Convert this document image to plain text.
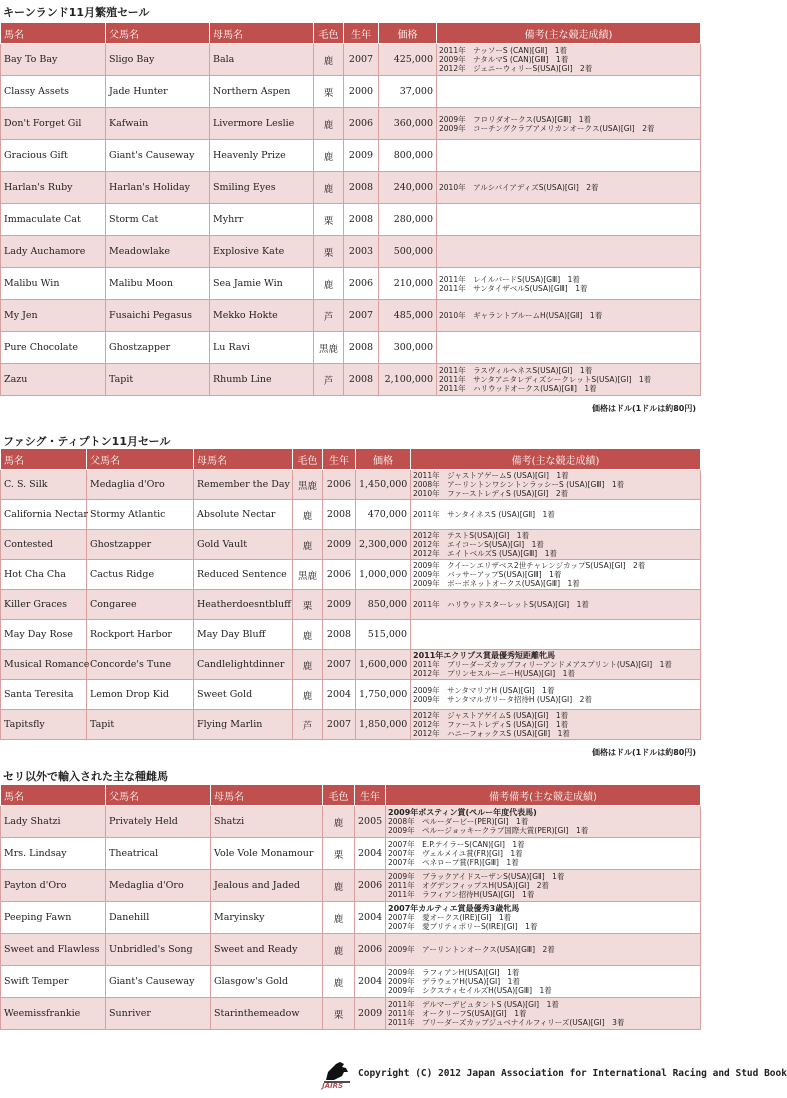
キーンランド11月繁殖セール
馬名	父馬名	母馬名	毛色	生年	価格	備考(主な競走成績)
Bay To Bay	Sligo Bay	Bala	鹿	2007	425,000	2011年　ナッソーS (CAN)[GⅡ]　1着
2009年　ナタルマS (CAN)[GⅢ]　1着
2012年　ジェニーウィリーS(USA)[GⅠ]　2着

Classy Assets	Jade Hunter	Northern Aspen	栗	2000	37,000	
Don't Forget Gil	Kafwain	Livermore Leslie	鹿	2006	360,000	2009年　フロリダオークス(USA)[GⅢ]　1着
2009年　コーチングクラブアメリカンオークス(USA)[GⅠ]　2着

Gracious Gift	Giant's Causeway	Heavenly Prize	鹿	2009	800,000	
Harlan's Ruby	Harlan's Holiday	Smiling Eyes	鹿	2008	240,000	2010年　アルシバイアディズS(USA)[GⅠ]　2着

Immaculate Cat	Storm Cat	Myhrr	栗	2008	280,000	
Lady Auchamore	Meadowlake	Explosive Kate	栗	2003	500,000	
Malibu Win	Malibu Moon	Sea Jamie Win	鹿	2006	210,000	2011年　レイルバードS(USA)[GⅢ]　1着
2011年　サンタイザベルS(USA)[GⅢ]　1着

My Jen	Fusaichi Pegasus	Mekko Hokte	芦	2007	485,000	2010年　ギャラントブルームH(USA)[GⅡ]　1着

Pure Chocolate	Ghostzapper	Lu Ravi	黒鹿	2008	300,000	
Zazu	Tapit	Rhumb Line	芦	2008	2,100,000	2011年　ラスヴィルヘネスS(USA)[GⅠ]　1着
2011年　サンタアニタレディズシークレットS(USA)[GⅠ]　1着
2011年　ハリウッドオークス(USA)[GⅡ]　1着
価格はドル(1ドルは約80円)
ファシグ・ティプトン11月セール
馬名	父馬名	母馬名	毛色	生年	価格	備考(主な競走成績)
C. S. Silk	Medaglia d'Oro	Remember the Day	黒鹿	2006	1,450,000	2011年　ジャストアゲームS (USA)[GⅠ]　1着
2008年　アーリントンワシントンラッシーS (USA)[GⅢ]　1着
2010年　ファーストレディS (USA)[GⅠ]　2着

California Nectar	Stormy Atlantic	Absolute Nectar	鹿	2008	470,000	2011年　サンタイネスS (USA)[GⅡ]　1着

Contested	Ghostzapper	Gold Vault	鹿	2009	2,300,000	2012年　テストS(USA)[GⅠ]　1着
2012年　エイコーンS(USA)[GⅠ]　1着
2012年　エイトベルズS (USA)[GⅢ]　1着

Hot Cha Cha	Cactus Ridge	Reduced Sentence	黒鹿	2006	1,000,000	2009年　クイーンエリザベス2世チャレンジカップS(USA)[GⅠ]　2着
2009年　バッサーアップS(USA)[GⅢ]　1着
2009年　ボーボネットオークス(USA)[GⅢ]　1着

Killer Graces	Congaree	Heatherdoesntbluff	栗	2009	850,000	2011年　ハリウッドスターレットS(USA)[GⅠ]　1着

May Day Rose	Rockport Harbor	May Day Bluff	鹿	2008	515,000	
Musical Romance	Concorde's Tune	Candlelightdinner	鹿	2007	1,600,000	2011年エクリプス賞最優秀短距離牝馬
2011年　ブリーダーズカップフィリーアンドメアスプリント(USA)[GⅠ]　1着
2012年　プリンセスルーニーH(USA)[GⅠ]　1着

Santa Teresita	Lemon Drop Kid	Sweet Gold	鹿	2004	1,750,000	2009年　サンタマリアH (USA)[GⅠ]　1着
2009年　サンタマルガリータ招待H (USA)[GⅠ]　2着

Tapitsfly	Tapit	Flying Marlin	芦	2007	1,850,000	2012年　ジャストアゲイムS (USA)[GⅠ]　1着
2012年　ファーストレディS (USA)[GⅠ]　1着
2012年　ハニーフォックスS (USA)[GⅡ]　1着
価格はドル(1ドルは約80円)
セリ以外で輸入された主な種雌馬
馬名	父馬名	母馬名	毛色	生年	備考備考(主な競走成績)
Lady Shatzi	Privately Held	Shatzi	鹿	2005	2009年ボスティン賞(ペルー年度代表馬)
2008年　ペルーダービー(PER)[GⅠ]　1着
2009年　ペルージョッキークラブ国際大賞(PER)[GⅠ]　1着

Mrs. Lindsay	Theatrical	Vole Vole Monamour	栗	2004	2007年　E.P.テイラーS(CAN)[GⅠ]　1着
2007年　ヴェルメイユ賞(FR)[GⅠ]　1着
2007年　ペネロープ賞(FR)[GⅢ]　1着

Payton d'Oro	Medaglia d'Oro	Jealous and Jaded	鹿	2006	2009年　ブラックアイドスーザンS(USA)[GⅡ]　1着
2011年　オグデンフィップスH(USA)[GⅠ]　2着
2011年　ラフィアン招待H(USA)[GⅠ]　1着

Peeping Fawn	Danehill	Maryinsky	鹿	2004	2007年カルティエ賞最優秀3歳牝馬
2007年　愛オークス(IRE)[GⅠ]　1着
2007年　愛プリティポリーS(IRE)[GⅠ]　1着

Sweet and Flawless	Unbridled's Song	Sweet and Ready	鹿	2006	2009年　アーリントンオークス(USA)[GⅢ]　2着

Swift Temper	Giant's Causeway	Glasgow's Gold	鹿	2004	2009年　ラフィアンH(USA)[GⅠ]　1着
2009年　デラウェアH(USA)[GⅠ]　1着
2009年　シクスティセイルズH(USA)[GⅢ]　1着

Weemissfrankie	Sunriver	Starinthemeadow	栗	2009	2011年　デルマーデビュタントS (USA)[GⅠ]　1着
2011年　オークリーフS(USA)[GⅠ]　1着
2011年　ブリーダーズカップジュベナイルフィリーズ(USA)[GⅠ]　3着
JAIRS
Copyright (C) 2012 Japan Association for International Racing and Stud Book
